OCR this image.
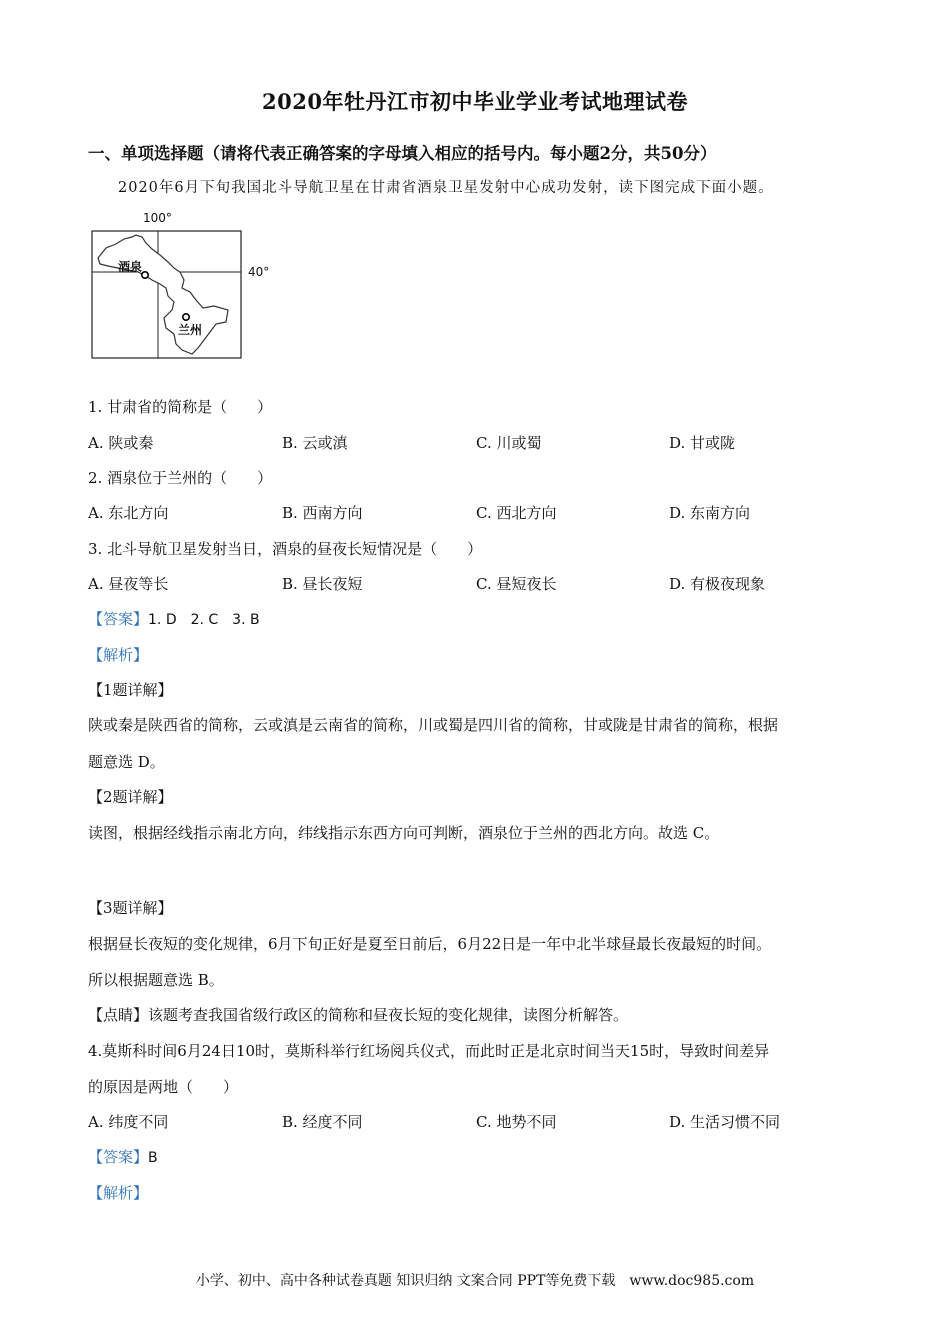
2020年牡丹江市初中毕业学业考试地理试卷
一、单项选择题（请将代表正确答案的字母填入相应的括号内。每小题2分，共50分）
2020年6月下旬我国北斗导航卫星在甘肃省酒泉卫星发射中心成功发射，读下图完成下面小题。
100°
40°
酒泉
兰州
1. 甘肃省的简称是（　　）
A. 陕或秦	B. 云或滇	C. 川或蜀	D. 甘或陇
2. 酒泉位于兰州的（　　）
A. 东北方向	B. 西南方向	C. 西北方向	D. 东南方向
3. 北斗导航卫星发射当日，酒泉的昼夜长短情况是（　　）
A. 昼夜等长	B. 昼长夜短	C. 昼短夜长	D. 有极夜现象
【答案】1. D　2. C　3. B
【解析】
【1题详解】
陕或秦是陕西省的简称，云或滇是云南省的简称，川或蜀是四川省的简称，甘或陇是甘肃省的简称，根据
题意选 D。
【2题详解】
读图，根据经线指示南北方向，纬线指示东西方向可判断，酒泉位于兰州的西北方向。故选 C。
【3题详解】
根据昼长夜短的变化规律，6月下旬正好是夏至日前后，6月22日是一年中北半球昼最长夜最短的时间。
所以根据题意选 B。
【点睛】该题考查我国省级行政区的简称和昼夜长短的变化规律，读图分析解答。
4.莫斯科时间6月24日10时，莫斯科举行红场阅兵仪式，而此时正是北京时间当天15时，导致时间差异
的原因是两地（　　）
A. 纬度不同	B. 经度不同	C. 地势不同	D. 生活习惯不同
【答案】B
【解析】
小学、初中、高中各种试卷真题 知识归纳 文案合同 PPT等免费下载　www.doc985.com
